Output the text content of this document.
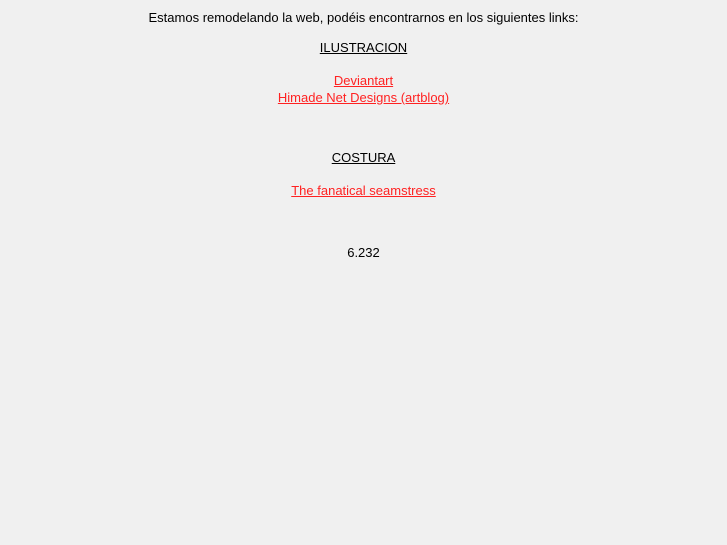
Estamos remodelando la web, podéis encontrarnos en los siguientes links:

ILUSTRACION

Deviantart

Himade Net Designs (artblog)

COSTURA

The fanatical seamstress

6.232
